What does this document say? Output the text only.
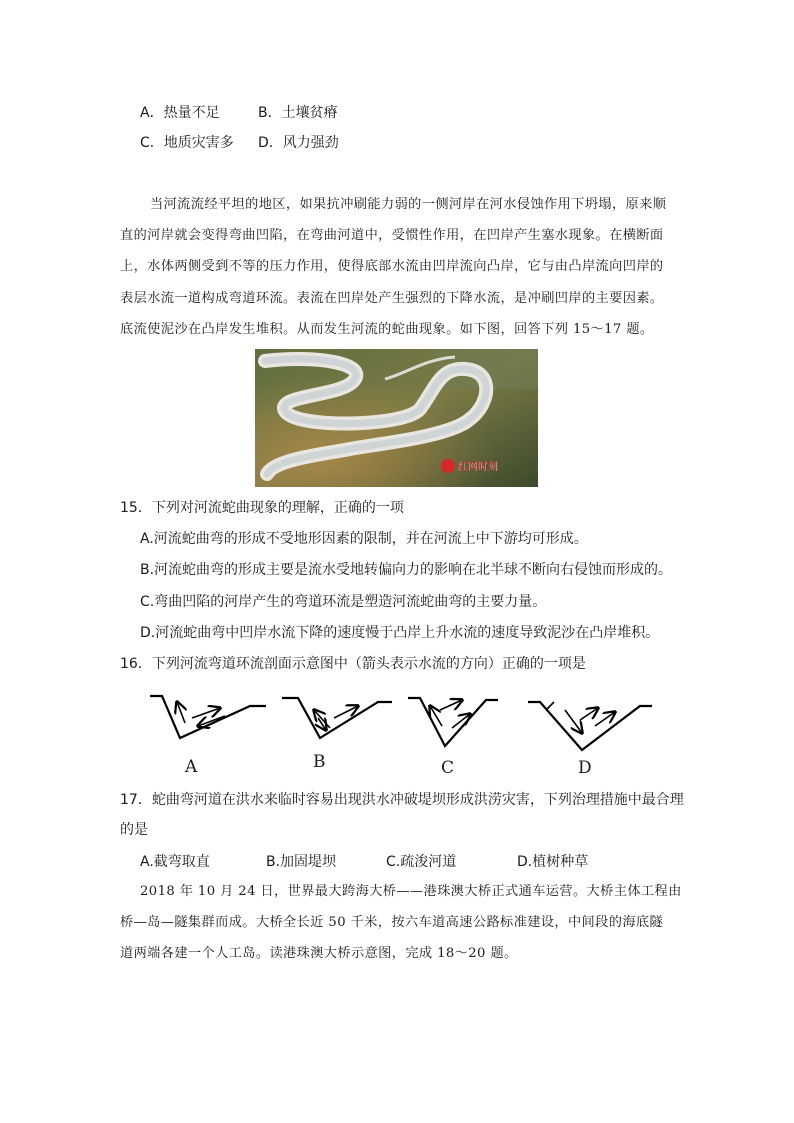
A．热量不足	B．土壤贫瘠
C．地质灾害多 D．风力强劲
当河流流经平坦的地区，如果抗冲刷能力弱的一侧河岸在河水侵蚀作用下坍塌，原来顺
直的河岸就会变得弯曲凹陷，在弯曲河道中，受惯性作用，在凹岸产生塞水现象。在横断面
上，水体两侧受到不等的压力作用，使得底部水流由凹岸流向凸岸，它与由凸岸流向凹岸的
表层水流一道构成弯道环流。表流在凹岸处产生强烈的下降水流，是冲刷凹岸的主要因素。
底流使泥沙在凸岸发生堆积。从而发生河流的蛇曲现象。如下图，回答下列 15～17 题。
红网时刻
15．下列对河流蛇曲现象的理解，正确的一项
A.河流蛇曲弯的形成不受地形因素的限制，并在河流上中下游均可形成。
B.河流蛇曲弯的形成主要是流水受地转偏向力的影响在北半球不断向右侵蚀而形成的。
C.弯曲凹陷的河岸产生的弯道环流是塑造河流蛇曲弯的主要力量。
D.河流蛇曲弯中凹岸水流下降的速度慢于凸岸上升水流的速度导致泥沙在凸岸堆积。
16．下列河流弯道环流剖面示意图中（箭头表示水流的方向）正确的一项是
A	B	C	D
17．蛇曲弯河道在洪水来临时容易出现洪水冲破堤坝形成洪涝灾害，下列治理措施中最合理
的是
A.截弯取直	B.加固堤坝	C.疏浚河道	D.植树种草
2018 年 10 月 24 日，世界最大跨海大桥——港珠澳大桥正式通车运营。大桥主体工程由
桥—岛—隧集群而成。大桥全长近 50 千米，按六车道高速公路标准建设，中间段的海底隧
道两端各建一个人工岛。读港珠澳大桥示意图，完成 18～20 题。
